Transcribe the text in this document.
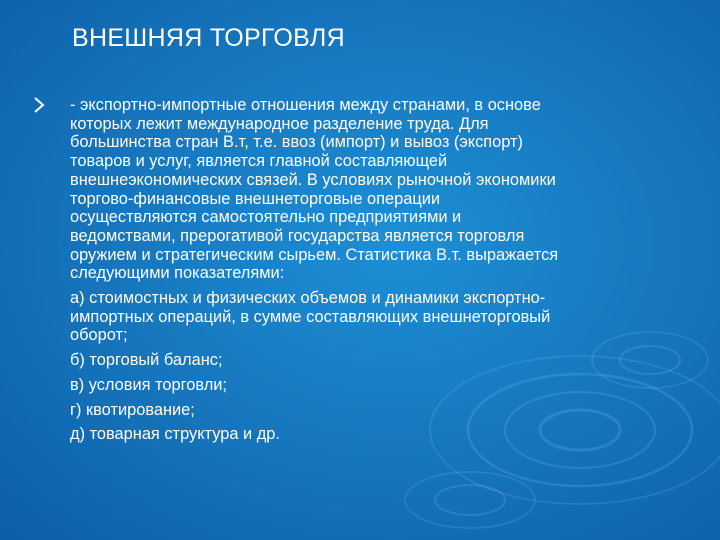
ВНЕШНЯЯ ТОРГОВЛЯ
- экспортно-импортные отношения между странами, в основе
которых лежит международное разделение труда. Для
большинства стран В.т, т.е. ввоз (импорт) и вывоз (экспорт)
товаров и услуг, является главной составляющей
внешнеэкономических связей. В условиях рыночной экономики
торгово-финансовые внешнеторговые операции
осуществляются самостоятельно предприятиями и
ведомствами, прерогативой государства является торговля
оружием и стратегическим сырьем. Статистика В.т. выражается
следующими показателями:
а) стоимостных и физических объемов и динамики экспортно-
импортных операций, в сумме составляющих внешнеторговый
оборот;
б) торговый баланс;
в) условия торговли;
г) квотирование;
д) товарная структура и др.
